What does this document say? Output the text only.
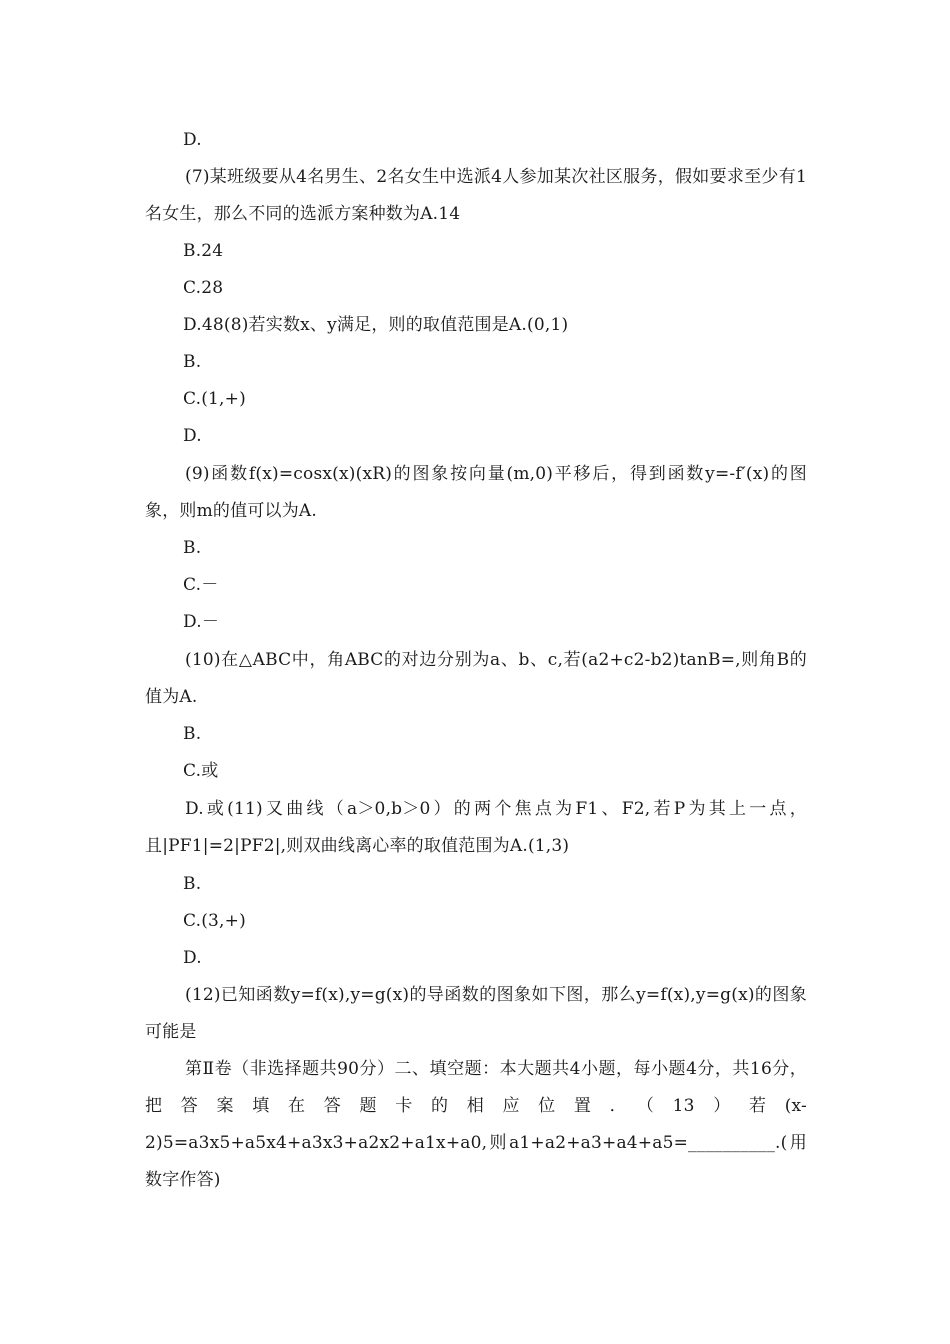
D.
(7)某班级要从4名男生、2名女生中选派4人参加某次社区服务，假如要求至少有1名女生，那么不同的选派方案种数为A.14
B.24
C.28
D.48(8)若实数x、y满足，则的取值范围是A.(0,1)
B.
C.(1,+)
D.
(9)函数f(x)=cosx(x)(xR)的图象按向量(m,0)平移后，得到函数y=-f′(x)的图象，则m的值可以为A.
B.
C.－
D.－
(10)在△ABC中，角ABC的对边分别为a、b、c,若(a2+c2-b2)tanB=,则角B的值为A.
B.
C.或
D.或(11)又曲线（a＞0,b＞0）的两个焦点为F1、F2,若P为其上一点，且|PF1|=2|PF2|,则双曲线离心率的取值范围为A.(1,3)
B.
C.(3,+)
D.
(12)已知函数y=f(x),y=g(x)的导函数的图象如下图，那么y=f(x),y=g(x)的图象可能是
第Ⅱ卷（非选择题共90分）二、填空题：本大题共4小题，每小题4分，共16分，把答案填在答题卡的相应位置．（13）若(x-2)5=a3x5+a5x4+a3x3+a2x2+a1x+a0,则a1+a2+a3+a4+a5=__________.(用数字作答)
